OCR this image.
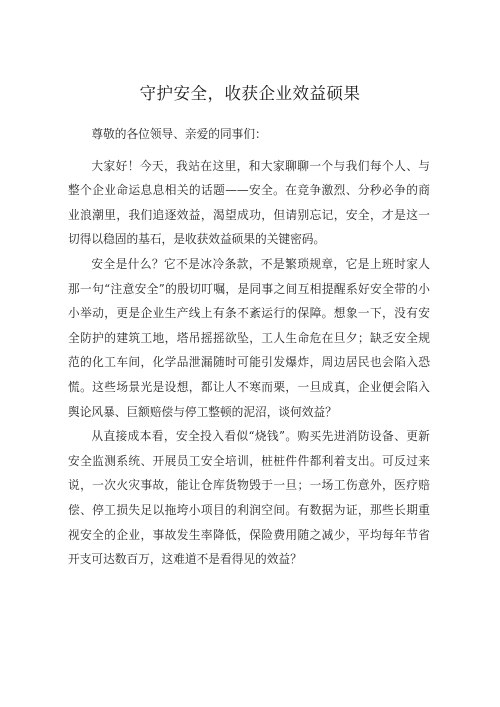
守护安全，收获企业效益硕果

尊敬的各位领导、亲爱的同事们：

大家好！今天，我站在这里，和大家聊聊一个与我们每个人、与整个企业命运息息相关的话题——安全。在竞争激烈、分秒必争的商业浪潮里，我们追逐效益，渴望成功，但请别忘记，安全，才是这一切得以稳固的基石，是收获效益硕果的关键密码。

安全是什么？它不是冰冷条款，不是繁琐规章，它是上班时家人那一句“注意安全”的殷切叮嘱，是同事之间互相提醒系好安全带的小小举动，更是企业生产线上有条不紊运行的保障。想象一下，没有安全防护的建筑工地，塔吊摇摇欲坠，工人生命危在旦夕；缺乏安全规范的化工车间，化学品泄漏随时可能引发爆炸，周边居民也会陷入恐慌。这些场景光是设想，都让人不寒而栗，一旦成真，企业便会陷入舆论风暴、巨额赔偿与停工整顿的泥沼，谈何效益？

从直接成本看，安全投入看似“烧钱”。购买先进消防设备、更新安全监测系统、开展员工安全培训，桩桩件件都利着支出。可反过来说，一次火灾事故，能让仓库货物毁于一旦；一场工伤意外，医疗赔偿、停工损失足以拖垮小项目的利润空间。有数据为证，那些长期重视安全的企业，事故发生率降低，保险费用随之减少，平均每年节省开支可达数百万，这难道不是看得见的效益？
